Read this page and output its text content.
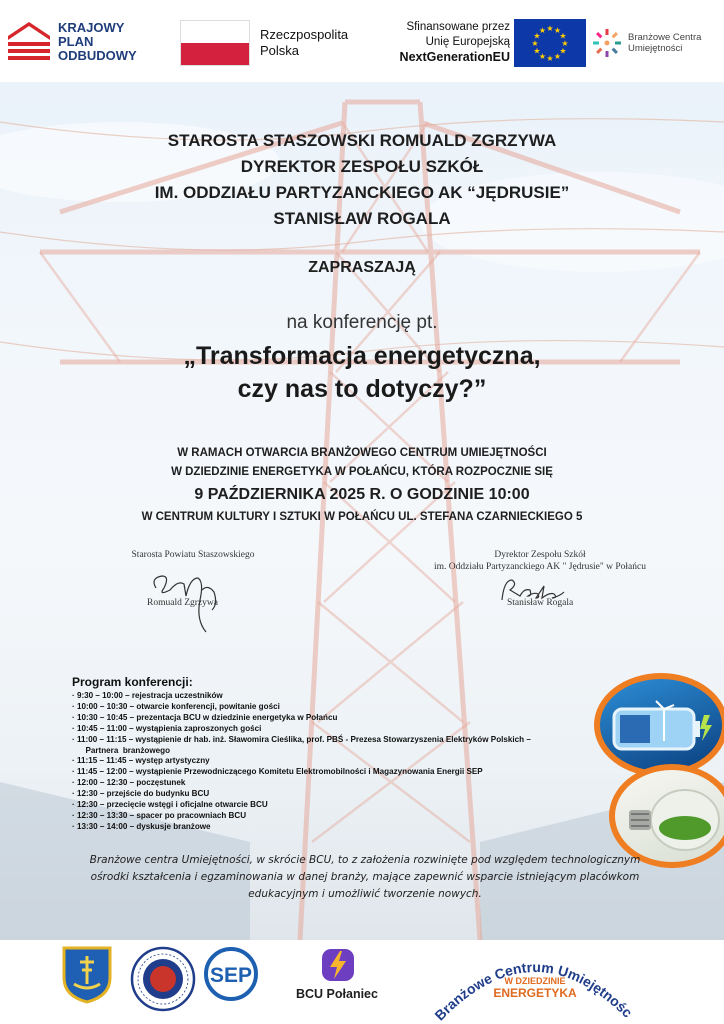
KRAJOWY
PLAN
ODBUDOWY
Rzeczpospolita
Polska
Sfinansowane przez
Unię Europejską
NextGenerationEU
★
★
★
★
★
★
★
★
★ ★ ★
★	Branżowe Centra
Umiejętności
STAROSTA STASZOWSKI ROMUALD ZGRZYWA
DYREKTOR ZESPOŁU SZKÓŁ
IM. ODDZIAŁU PARTYZANCKIEGO AK “JĘDRUSIE”
STANISŁAW ROGALA
ZAPRASZAJĄ
na konferencję pt.
„Transformacja energetyczna,
czy nas to dotyczy?”
W RAMACH OTWARCIA BRANŻOWEGO CENTRUM UMIEJĘTNOŚCI
W DZIEDZINIE ENERGETYKA W POŁAŃCU, KTÓRA ROZPOCZNIE SIĘ
9 PAŹDZIERNIKA 2025 R. O GODZINIE 10:00
W CENTRUM KULTURY I SZTUKI W POŁAŃCU UL. STEFANA CZARNIECKIEGO 5
Starosta Powiatu Staszowskiego
Romuald Zgrzywa
Dyrektor Zespołu Szkół
im. Oddziału Partyzanckiego AK " Jędrusie" w Połańcu
Stanisław Rogala
Program konferencji:
· 9:30 – 10:00 – rejestracja uczestników
· 10:00 – 10:30 – otwarcie konferencji, powitanie gości
· 10:30 – 10:45 – prezentacja BCU w dziedzinie energetyka w Połańcu
· 10:45 – 11:00 – wystąpienia zaproszonych gości
· 11:00 – 11:15 – wystąpienie dr hab. inż. Sławomira Cieślika, prof. PBŚ - Prezesa Stowarzyszenia Elektryków Polskich –
Partnera  branżowego
· 11:15 – 11:45 – występ artystyczny
· 11:45 – 12:00 – wystąpienie Przewodniczącego Komitetu Elektromobilności i Magazynowania Energii SEP
· 12:00 – 12:30 – poczęstunek
· 12:30 – przejście do budynku BCU
· 12:30 – przecięcie wstęgi i oficjalne otwarcie BCU
· 12:30 – 13:30 – spacer po pracowniach BCU
· 13:30 – 14:00 – dyskusje branżowe
Branżowe centra Umiejętności, w skrócie BCU, to z założenia rozwinięte pod względem technologicznym
ośrodki kształcenia i egzaminowania w danej branży, mające zapewnić wsparcie istniejącym placówkom
edukacyjnym i umożliwić tworzenie nowych.
SEP
BCU Połaniec
Branżowe Centrum Umiejętnośc
W DZIEDZINIE
ENERGETYKA
